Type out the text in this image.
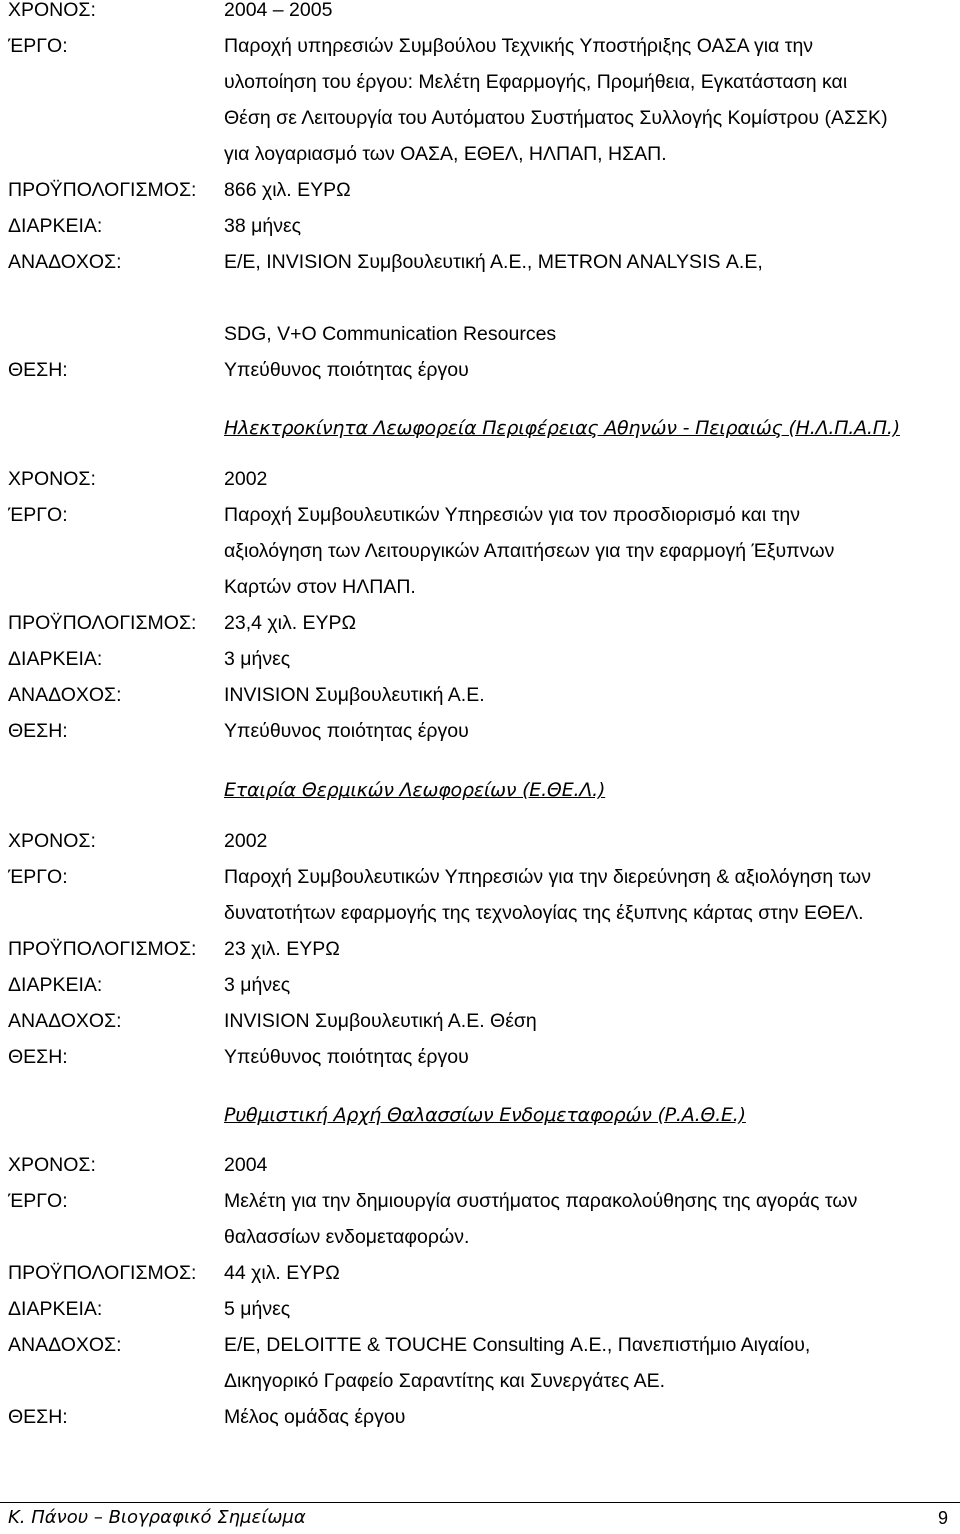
ΧΡΟΝΟΣ:	2004 – 2005
ΈΡΓΟ:	Παροχή υπηρεσιών Συμβούλου Τεχνικής Υποστήριξης ΟΑΣΑ για την
υλοποίηση του έργου: Μελέτη Εφαρμογής, Προμήθεια, Εγκατάσταση και
Θέση σε Λειτουργία του Αυτόματου Συστήματος Συλλογής Κομίστρου (ΑΣΣΚ)
για λογαριασμό των ΟΑΣΑ, ΕΘΕΛ, ΗΛΠΑΠ, ΗΣΑΠ.
ΠΡΟΫΠΟΛΟΓΙΣΜΟΣ: 866 χιλ. ΕΥΡΩ
ΔΙΑΡΚΕΙΑ:	38 μήνες
ΑΝΑΔΟΧΟΣ:	Ε/Ε, INVISION Συμβουλευτική Α.Ε., METRON ANALYSIS Α.Ε,
SDG, V+O Communication Resources
ΘΕΣΗ:	Υπεύθυνος ποιότητας έργου
Ηλεκτροκίνητα Λεωφορεία Περιφέρειας Αθηνών - Πειραιώς (Η.Λ.Π.Α.Π.)
ΧΡΟΝΟΣ:	2002
ΈΡΓΟ:	Παροχή Συμβουλευτικών Υπηρεσιών για τον προσδιορισμό και την
αξιολόγηση των Λειτουργικών Απαιτήσεων για την εφαρμογή Έξυπνων
Καρτών στον ΗΛΠΑΠ.
ΠΡΟΫΠΟΛΟΓΙΣΜΟΣ: 23,4 χιλ. ΕΥΡΩ
ΔΙΑΡΚΕΙΑ:	3 μήνες
ΑΝΑΔΟΧΟΣ:	INVISION Συμβουλευτική Α.Ε.
ΘΕΣΗ:	Υπεύθυνος ποιότητας έργου
Εταιρία Θερμικών Λεωφορείων (Ε.ΘΕ.Λ.)
ΧΡΟΝΟΣ:	2002
ΈΡΓΟ:	Παροχή Συμβουλευτικών Υπηρεσιών για την διερεύνηση & αξιολόγηση των
δυνατοτήτων εφαρμογής της τεχνολογίας της έξυπνης κάρτας στην ΕΘΕΛ.
ΠΡΟΫΠΟΛΟΓΙΣΜΟΣ: 23 χιλ. ΕΥΡΩ
ΔΙΑΡΚΕΙΑ:	3 μήνες
ΑΝΑΔΟΧΟΣ:	INVISION Συμβουλευτική Α.Ε. Θέση
ΘΕΣΗ:	Υπεύθυνος ποιότητας έργου
Ρυθμιστική Αρχή Θαλασσίων Ενδομεταφορών (Ρ.Α.Θ.Ε.)
ΧΡΟΝΟΣ:	2004
ΈΡΓΟ:	Μελέτη για την δημιουργία συστήματος παρακολούθησης της αγοράς των
θαλασσίων ενδομεταφορών.
ΠΡΟΫΠΟΛΟΓΙΣΜΟΣ: 44 χιλ. ΕΥΡΩ
ΔΙΑΡΚΕΙΑ:	5 μήνες
ΑΝΑΔΟΧΟΣ:	Ε/Ε, DELOITTE & TOUCHE Consulting Α.Ε., Πανεπιστήμιο Αιγαίου,
Δικηγορικό Γραφείο Σαραντίτης και Συνεργάτες ΑΕ.
ΘΕΣΗ:	Μέλος ομάδας έργου
Κ. Πάνου – Βιογραφικό Σημείωμα	9
